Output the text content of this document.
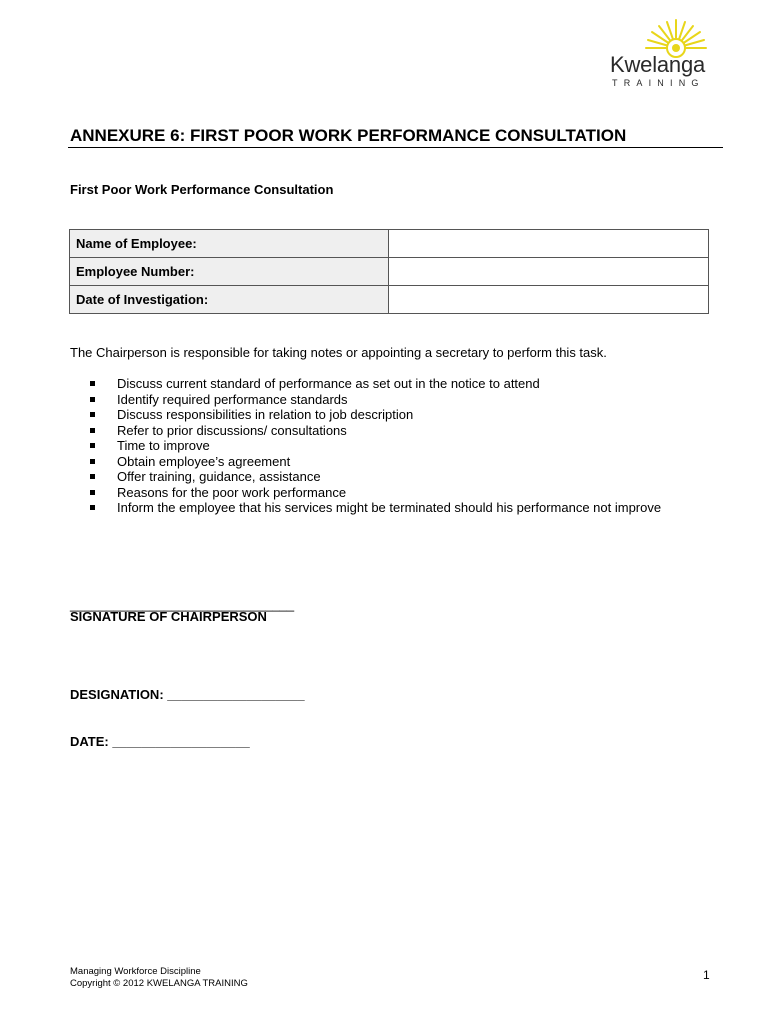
Kwelanga
TRAINING
ANNEXURE 6: FIRST POOR WORK PERFORMANCE CONSULTATION
First Poor Work Performance Consultation
Name of Employee:	
Employee Number:	
Date of Investigation:	
The Chairperson is responsible for taking notes or appointing a secretary to perform this task.
Discuss current standard of performance as set out in the notice to attend
Identify required performance standards
Discuss responsibilities in relation to job description
Refer to prior discussions/ consultations
Time to improve
Obtain employee’s agreement
Offer training, guidance, assistance
Reasons for the poor work performance
Inform the employee that his services might be terminated should his performance not improve
_______________________________
SIGNATURE OF CHAIRPERSON
DESIGNATION: ___________________
DATE: ___________________
Managing Workforce Discipline
Copyright © 2012 KWELANGA TRAINING
1
